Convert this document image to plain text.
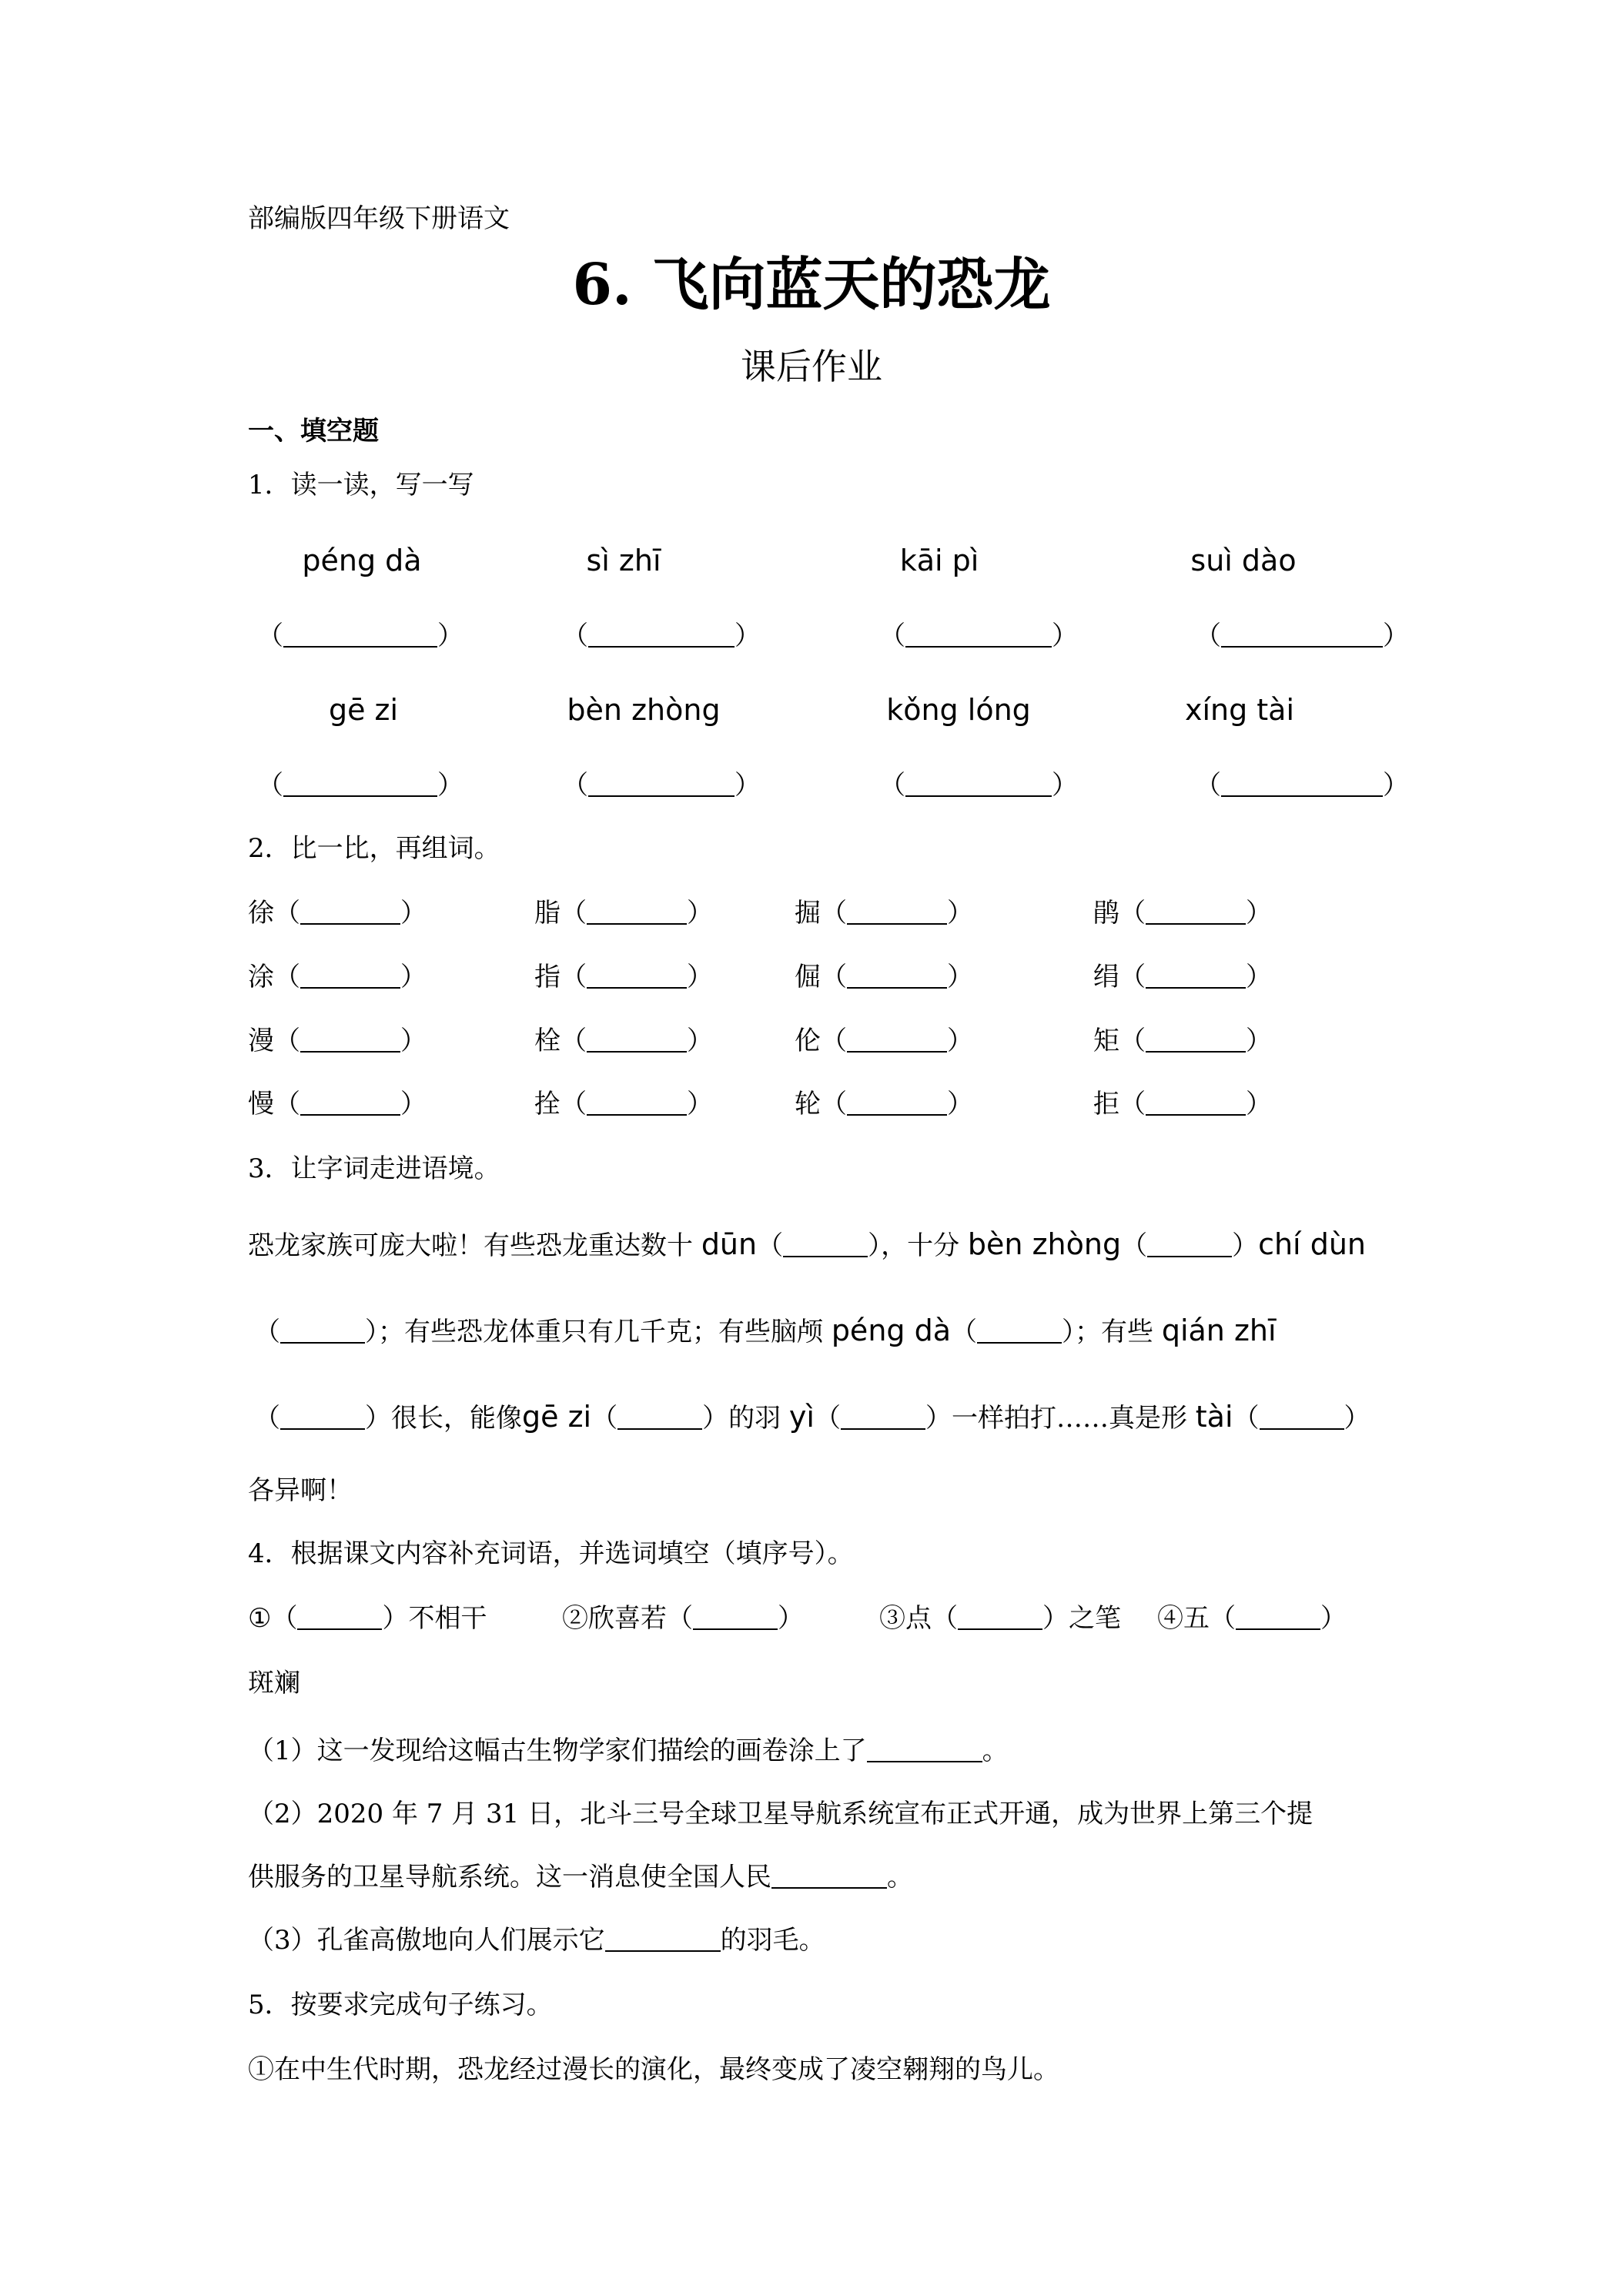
部编版四年级下册语文
6. 飞向蓝天的恐龙
课后作业
一、填空题
1．读一读，写一写
péng dà	sì zhī	kāi pì	suì dào
（	）	（	）	（	）	（	）
gē zi	bèn zhòng	kǒng lóng	xíng tài
（	）	（	）	（	）	（	）
2．比一比，再组词。
徐（	）	脂（	）	掘（	）	鹃（	）
涂（	）	指（	）	倔（	）	绢（	）
漫（	）	栓（	）	伦（	）	矩（	）
慢（	）	拴（	）	轮（	）	拒（	）
3．让字词走进语境。
恐龙家族可庞大啦！有些恐龙重达数十 dūn（	），十分 bèn zhòng（	）chí dùn
（	）；有些恐龙体重只有几千克；有些脑颅 péng dà（	）；有些 qián zhī
（	）很长，能像gē zi（	）的羽 yì（	）一样拍打……真是形 tài（	）
各异啊！
4．根据课文内容补充词语，并选词填空（填序号）。
①（	）不相干	②欣喜若（	）	③点（	）之笔 ④五（	）
斑斓
（1）这一发现给这幅古生物学家们描绘的画卷涂上了	。
（2）2020 年 7 月 31 日，北斗三号全球卫星导航系统宣布正式开通，成为世界上第三个提
供服务的卫星导航系统。这一消息使全国人民	。
（3）孔雀高傲地向人们展示它	的羽毛。
5．按要求完成句子练习。
①在中生代时期，恐龙经过漫长的演化，最终变成了凌空翱翔的鸟儿。
